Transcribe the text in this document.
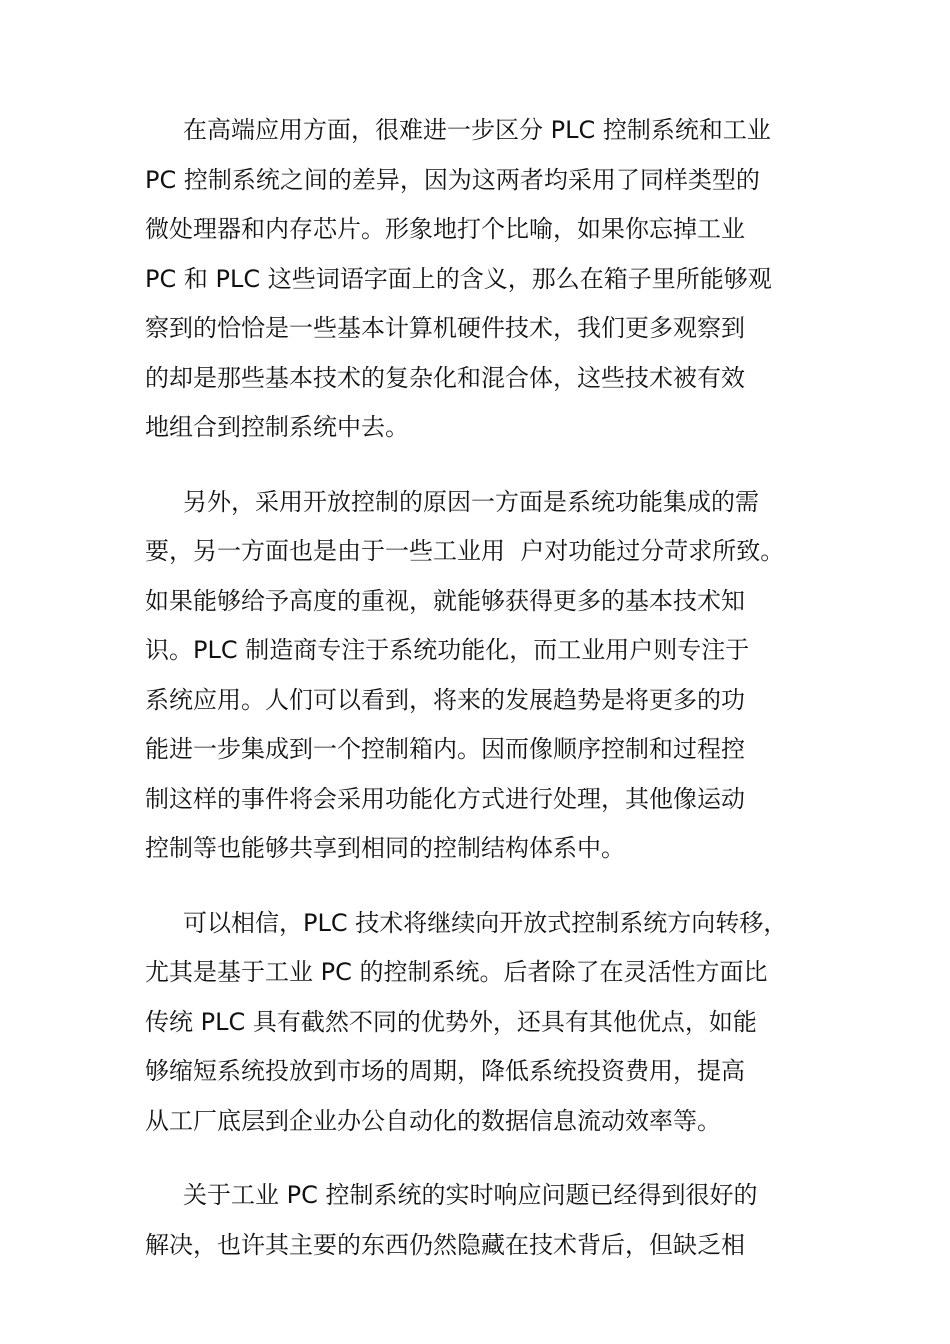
在高端应用方面，很难进一步区分 PLC 控制系统和工业
PC 控制系统之间的差异，因为这两者均采用了同样类型的
微处理器和内存芯片。形象地打个比喻，如果你忘掉工业
PC 和 PLC 这些词语字面上的含义，那么在箱子里所能够观
察到的恰恰是一些基本计算机硬件技术，我们更多观察到
的却是那些基本技术的复杂化和混合体，这些技术被有效
地组合到控制系统中去。
另外，采用开放控制的原因一方面是系统功能集成的需
要，另一方面也是由于一些工业用  户对功能过分苛求所致。
如果能够给予高度的重视，就能够获得更多的基本技术知
识。PLC 制造商专注于系统功能化，而工业用户则专注于
系统应用。人们可以看到，将来的发展趋势是将更多的功
能进一步集成到一个控制箱内。因而像顺序控制和过程控
制这样的事件将会采用功能化方式进行处理，其他像运动
控制等也能够共享到相同的控制结构体系中。
可以相信，PLC 技术将继续向开放式控制系统方向转移，
尤其是基于工业 PC 的控制系统。后者除了在灵活性方面比
传统 PLC 具有截然不同的优势外，还具有其他优点，如能
够缩短系统投放到市场的周期，降低系统投资费用，提高
从工厂底层到企业办公自动化的数据信息流动效率等。
关于工业 PC 控制系统的实时响应问题已经得到很好的
解决，也许其主要的东西仍然隐藏在技术背后，但缺乏相
